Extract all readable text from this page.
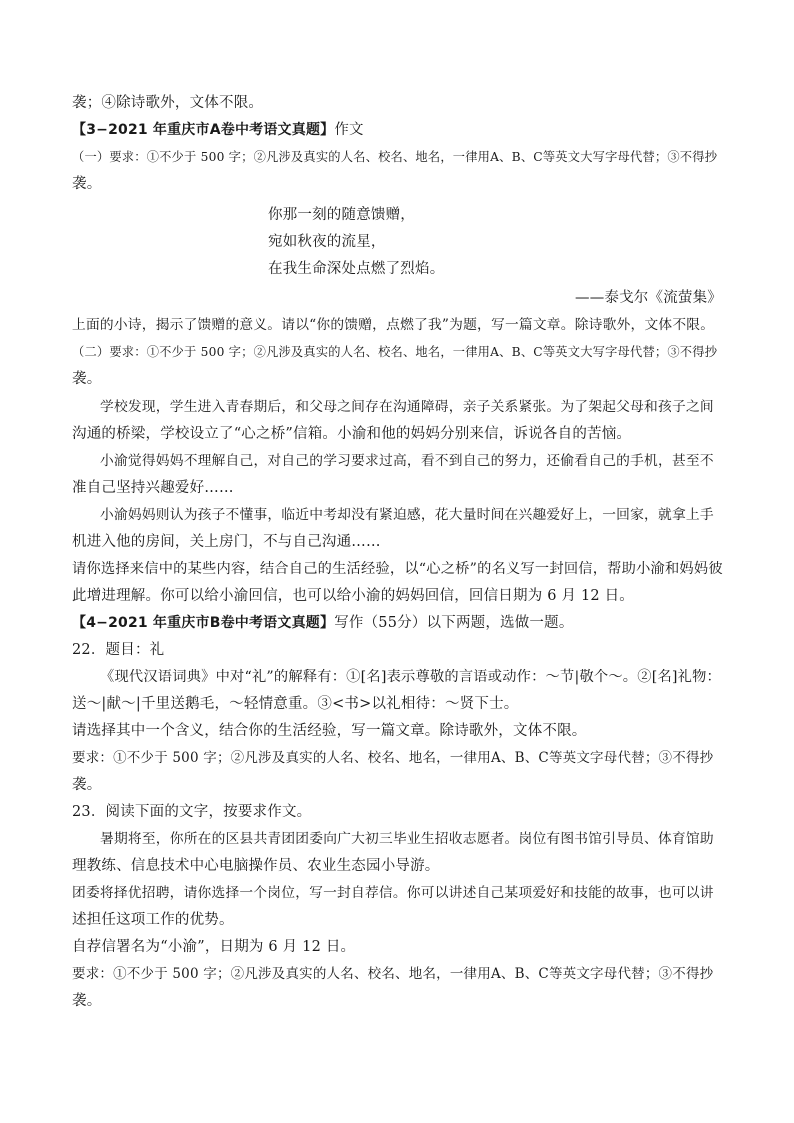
袭；④除诗歌外，文体不限。
【3−2021 年重庆市A卷中考语文真题】作文
（一）要求：①不少于 500 字；②凡涉及真实的人名、校名、地名，一律用A、B、C等英文大写字母代替；③不得抄
袭。
你那一刻的随意馈赠，
宛如秋夜的流星，
在我生命深处点燃了烈焰。
——泰戈尔《流萤集》
上面的小诗，揭示了馈赠的意义。请以“你的馈赠，点燃了我”为题，写一篇文章。除诗歌外，文体不限。
（二）要求：①不少于 500 字；②凡涉及真实的人名、校名、地名，一律用A、B、C等英文大写字母代替；③不得抄
袭。
学校发现，学生进入青春期后，和父母之间存在沟通障碍，亲子关系紧张。为了架起父母和孩子之间
沟通的桥梁，学校设立了“心之桥”信箱。小渝和他的妈妈分别来信，诉说各自的苦恼。
小渝觉得妈妈不理解自己，对自己的学习要求过高，看不到自己的努力，还偷看自己的手机，甚至不
准自己坚持兴趣爱好……
小渝妈妈则认为孩子不懂事，临近中考却没有紧迫感，花大量时间在兴趣爱好上，一回家，就拿上手
机进入他的房间，关上房门，不与自己沟通……
请你选择来信中的某些内容，结合自己的生活经验，以“心之桥”的名义写一封回信，帮助小渝和妈妈彼
此增进理解。你可以给小渝回信，也可以给小渝的妈妈回信，回信日期为 6 月 12 日。
【4−2021 年重庆市B卷中考语文真题】写作（55分）以下两题，选做一题。
22．题目：礼
《现代汉语词典》中对“礼”的解释有：①[名]表示尊敬的言语或动作：～节|敬个～。②[名]礼物：
送～|献～|千里送鹅毛，～轻情意重。③<书>以礼相待：～贤下士。
请选择其中一个含义，结合你的生活经验，写一篇文章。除诗歌外，文体不限。
要求：①不少于 500 字；②凡涉及真实的人名、校名、地名，一律用A、B、C等英文字母代替；③不得抄
袭。
23．阅读下面的文字，按要求作文。
暑期将至，你所在的区县共青团团委向广大初三毕业生招收志愿者。岗位有图书馆引导员、体育馆助
理教练、信息技术中心电脑操作员、农业生态园小导游。
团委将择优招聘，请你选择一个岗位，写一封自荐信。你可以讲述自己某项爱好和技能的故事，也可以讲
述担任这项工作的优势。
自荐信署名为“小渝”，日期为 6 月 12 日。
要求：①不少于 500 字；②凡涉及真实的人名、校名、地名，一律用A、B、C等英文字母代替；③不得抄
袭。
